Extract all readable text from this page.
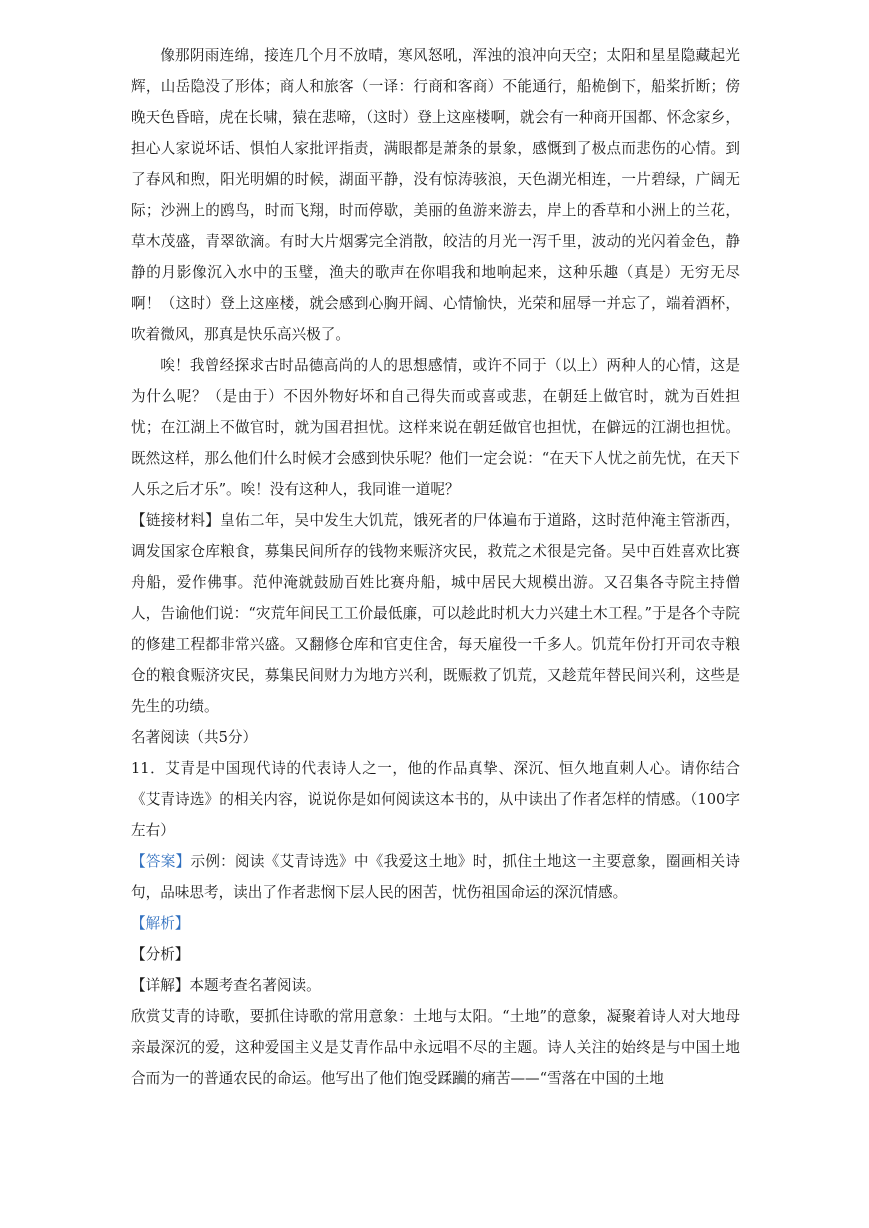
像那阴雨连绵，接连几个月不放晴，寒风怒吼，浑浊的浪冲向天空；太阳和星星隐藏起光辉，山岳隐没了形体；商人和旅客（一译：行商和客商）不能通行，船桅倒下，船桨折断；傍晚天色昏暗，虎在长啸，猿在悲啼，（这时）登上这座楼啊，就会有一种商开国都、怀念家乡，担心人家说坏话、惧怕人家批评指责，满眼都是萧条的景象，感慨到了极点而悲伤的心情。到了春风和煦，阳光明媚的时候，湖面平静，没有惊涛骇浪，天色湖光相连，一片碧绿，广阔无际；沙洲上的鸥鸟，时而飞翔，时而停歇，美丽的鱼游来游去，岸上的香草和小洲上的兰花，草木茂盛，青翠欲滴。有时大片烟雾完全消散，皎洁的月光一泻千里，波动的光闪着金色，静静的月影像沉入水中的玉璧，渔夫的歌声在你唱我和地响起来，这种乐趣（真是）无穷无尽啊！（这时）登上这座楼，就会感到心胸开阔、心情愉快，光荣和屈辱一并忘了，端着酒杯，吹着微风，那真是快乐高兴极了。

唉！我曾经探求古时品德高尚的人的思想感情，或许不同于（以上）两种人的心情，这是为什么呢？（是由于）不因外物好坏和自己得失而或喜或悲，在朝廷上做官时，就为百姓担忧；在江湖上不做官时，就为国君担忧。这样来说在朝廷做官也担忧，在僻远的江湖也担忧。既然这样，那么他们什么时候才会感到快乐呢？他们一定会说：“在天下人忧之前先忧，在天下人乐之后才乐”。唉！没有这种人，我同谁一道呢？

【链接材料】皇佑二年，吴中发生大饥荒，饿死者的尸体遍布于道路，这时范仲淹主管浙西，调发国家仓库粮食，募集民间所存的钱物来赈济灾民，救荒之术很是完备。吴中百姓喜欢比赛舟船，爱作佛事。范仲淹就鼓励百姓比赛舟船，城中居民大规模出游。又召集各寺院主持僧人，告谕他们说：“灾荒年间民工工价最低廉，可以趁此时机大力兴建土木工程。”于是各个寺院的修建工程都非常兴盛。又翻修仓库和官吏住舍，每天雇役一千多人。饥荒年份打开司农寺粮仓的粮食赈济灾民，募集民间财力为地方兴利，既赈救了饥荒，又趁荒年替民间兴利，这些是先生的功绩。

名著阅读（共5分）

11．艾青是中国现代诗的代表诗人之一，他的作品真挚、深沉、恒久地直刺人心。请你结合《艾青诗选》的相关内容，说说你是如何阅读这本书的，从中读出了作者怎样的情感。（100字左右）

【答案】示例：阅读《艾青诗选》中《我爱这土地》时，抓住土地这一主要意象，圈画相关诗句，品味思考，读出了作者悲悯下层人民的困苦，忧伤祖国命运的深沉情感。

【解析】

【分析】

【详解】本题考查名著阅读。

欣赏艾青的诗歌，要抓住诗歌的常用意象：土地与太阳。“土地”的意象，凝聚着诗人对大地母亲最深沉的爱，这种爱国主义是艾青作品中永远唱不尽的主题。诗人关注的始终是与中国土地合而为一的普通农民的命运。他写出了他们饱受蹂躏的痛苦——“雪落在中国的土地
